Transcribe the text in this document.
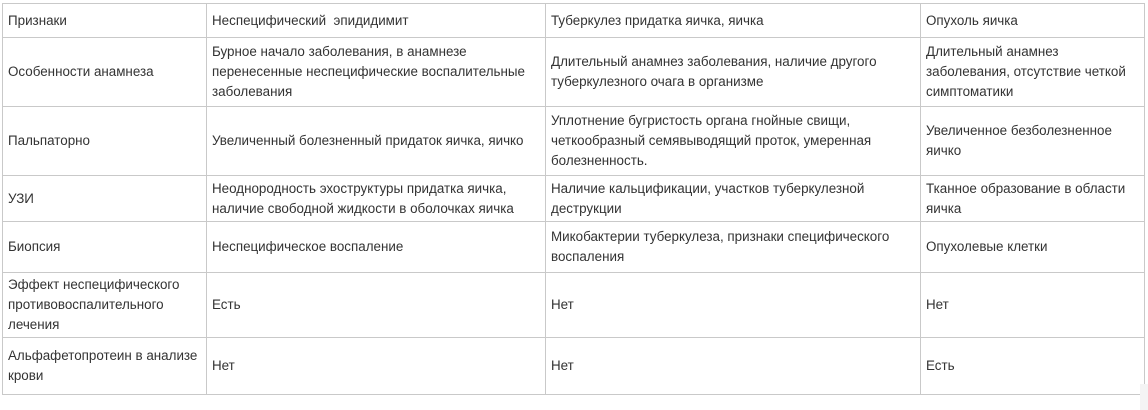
Признаки	Неспецифический  эпидидимит	Туберкулез придатка яичка, яичка	Опухоль яичка

Особенности анамнеза	Бурное начало заболевания, в анамнезе перенесенные неспецифические воспалительные заболевания	Длительный анамнез заболевания, наличие другого туберкулезного очага в организме	Длительный анамнез заболевания, отсутствие четкой симптоматики

Пальпаторно	Увеличенный болезненный придаток яичка, яичко	Уплотнение бугристость органа гнойные свищи, четкообразный семявыводящий проток, умеренная болезненность.	Увеличенное безболезненное яичко

УЗИ	Неоднородность эхоструктуры придатка яичка, наличие свободной жидкости в оболочках яичка	Наличие кальцификации, участков туберкулезной деструкции	Тканное образование в области яичка

Биопсия	Неспецифическое воспаление	Микобактерии туберкулеза, признаки специфического воспаления	Опухолевые клетки

Эффект неспецифического противовоспалительного лечения	Есть	Нет	Нет

Альфафетопротеин в анализе крови	Нет	Нет	Есть
